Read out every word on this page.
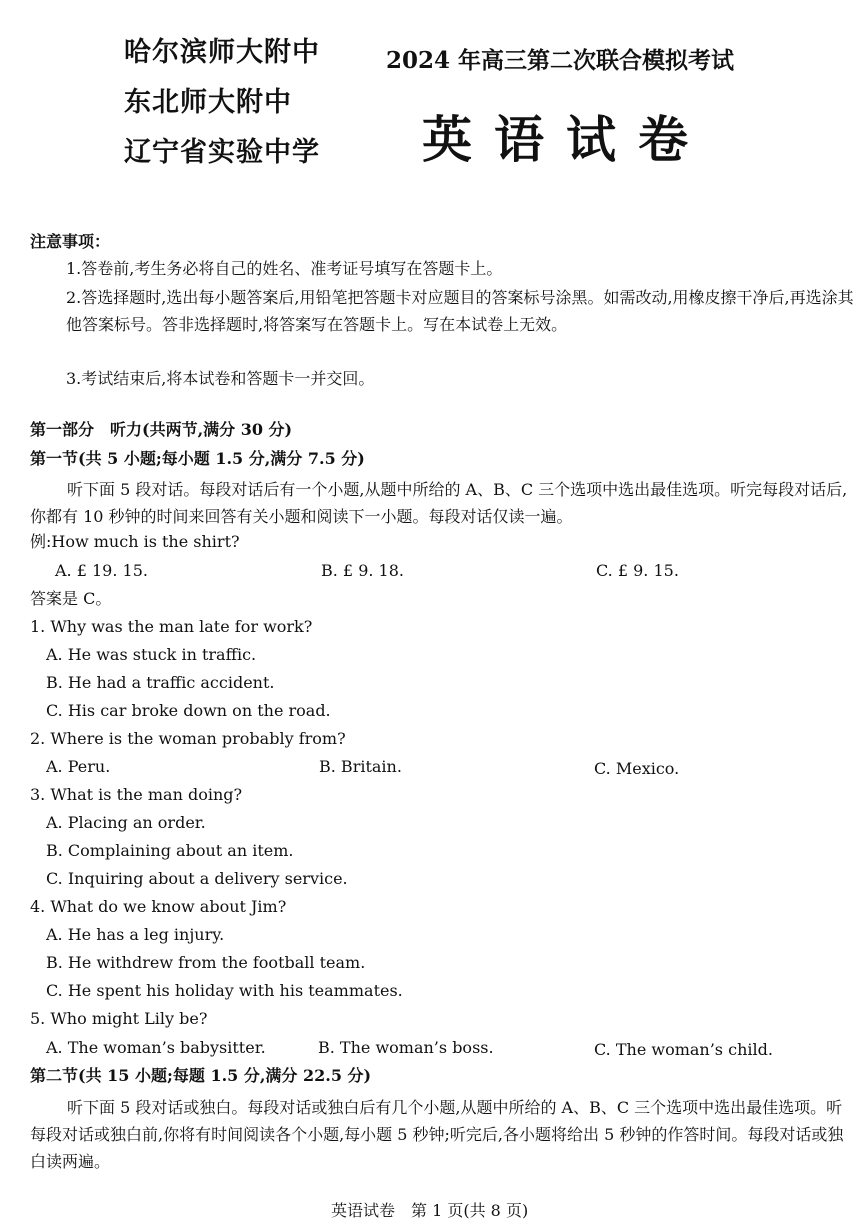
哈尔滨师大附中
东北师大附中
辽宁省实验中学
2024 年高三第二次联合模拟考试
英语试卷
注意事项：
1.答卷前,考生务必将自己的姓名、准考证号填写在答题卡上。
2.答选择题时,选出每小题答案后,用铅笔把答题卡对应题目的答案标号涂黑。如需改动,用橡皮擦干净后,再选涂其他答案标号。答非选择题时,将答案写在答题卡上。写在本试卷上无效。
3.考试结束后,将本试卷和答题卡一并交回。
第一部分　听力(共两节,满分 30 分)
第一节(共 5 小题;每小题 1.5 分,满分 7.5 分)
听下面 5 段对话。每段对话后有一个小题,从题中所给的 A、B、C 三个选项中选出最佳选项。听完每段对话后,你都有 10 秒钟的时间来回答有关小题和阅读下一小题。每段对话仅读一遍。
例:How much is the shirt?
A. £ 19. 15.	B. £ 9. 18.	C. £ 9. 15.
答案是 C。
1. Why was the man late for work?
A. He was stuck in traffic.
B. He had a traffic accident.
C. His car broke down on the road.
2. Where is the woman probably from?
A. Peru.	B. Britain.	C. Mexico.
3. What is the man doing?
A. Placing an order.
B. Complaining about an item.
C. Inquiring about a delivery service.
4. What do we know about Jim?
A. He has a leg injury.
B. He withdrew from the football team.
C. He spent his holiday with his teammates.
5. Who might Lily be?
A. The woman’s babysitter.	B. The woman’s boss.	C. The woman’s child.
第二节(共 15 小题;每题 1.5 分,满分 22.5 分)
听下面 5 段对话或独白。每段对话或独白后有几个小题,从题中所给的 A、B、C 三个选项中选出最佳选项。听每段对话或独白前,你将有时间阅读各个小题,每小题 5 秒钟;听完后,各小题将给出 5 秒钟的作答时间。每段对话或独白读两遍。
英语试卷　第 1 页(共 8 页)
